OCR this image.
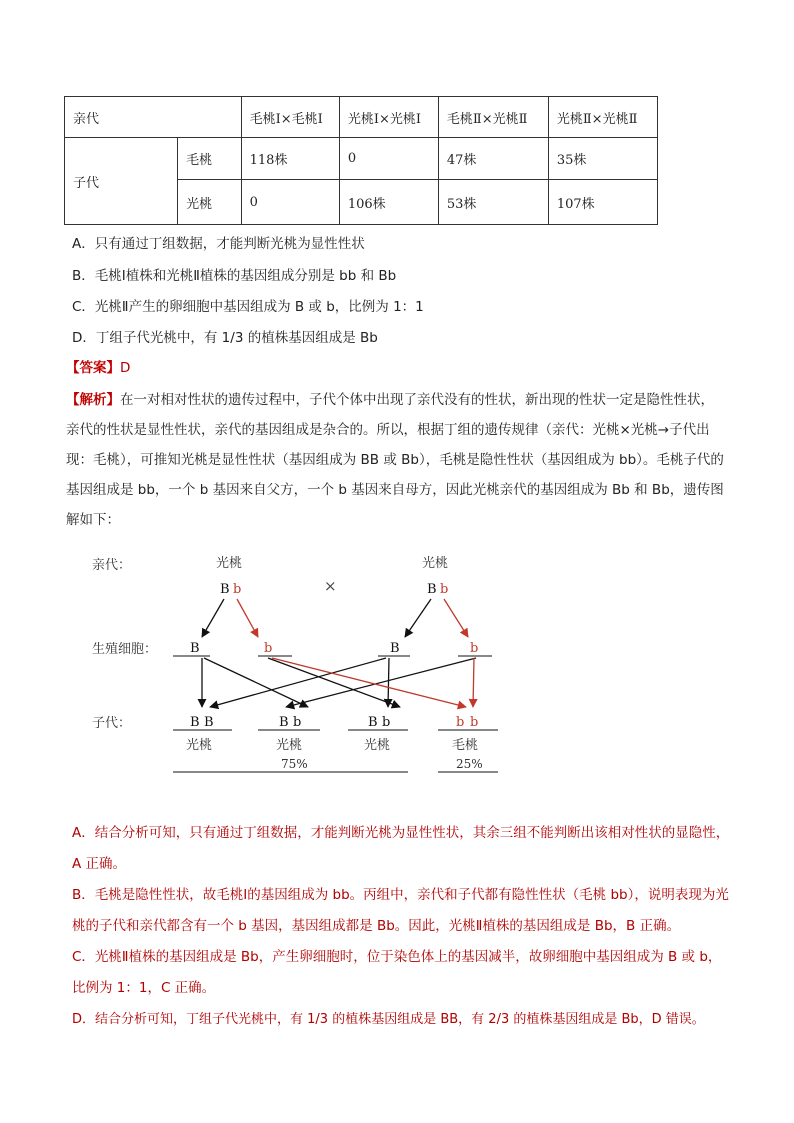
亲代		毛桃Ⅰ×毛桃Ⅰ	光桃Ⅰ×光桃Ⅰ	毛桃Ⅱ×光桃Ⅱ	光桃Ⅱ×光桃Ⅱ
子代	毛桃	118株	0	47株	35株
	光桃	0	106株	53株	107株
A．只有通过丁组数据，才能判断光桃为显性性状
B．毛桃Ⅰ植株和光桃Ⅱ植株的基因组成分别是 bb 和 Bb
C．光桃Ⅱ产生的卵细胞中基因组成为 B 或 b，比例为 1：1
D．丁组子代光桃中，有 1/3 的植株基因组成是 Bb
【答案】D
【解析】在一对相对性状的遗传过程中，子代个体中出现了亲代没有的性状，新出现的性状一定是隐性性状，亲代的性状是显性性状，亲代的基因组成是杂合的。所以，根据丁组的遗传规律（亲代：光桃×光桃→子代出现：毛桃），可推知光桃是显性性状（基因组成为 BB 或 Bb），毛桃是隐性性状（基因组成为 bb）。毛桃子代的基因组成是 bb，一个 b 基因来自父方，一个 b 基因来自母方，因此光桃亲代的基因组成为 Bb 和 Bb，遗传图解如下：
亲代：
生殖细胞：
子代：
光桃	光桃
B b	×	B b
B	b	B	b
B B	B b	B b	b b
光桃	光桃	光桃	毛桃
75%	25%
A．结合分析可知，只有通过丁组数据，才能判断光桃为显性性状，其余三组不能判断出该相对性状的显隐性，A 正确。
B．毛桃是隐性性状，故毛桃Ⅰ的基因组成为 bb。丙组中，亲代和子代都有隐性性状（毛桃 bb），说明表现为光桃的子代和亲代都含有一个 b 基因，基因组成都是 Bb。因此，光桃Ⅱ植株的基因组成是 Bb，B 正确。
C．光桃Ⅱ植株的基因组成是 Bb，产生卵细胞时，位于染色体上的基因减半，故卵细胞中基因组成为 B 或 b，比例为 1：1，C 正确。
D．结合分析可知，丁组子代光桃中，有 1/3 的植株基因组成是 BB，有 2/3 的植株基因组成是 Bb，D 错误。
